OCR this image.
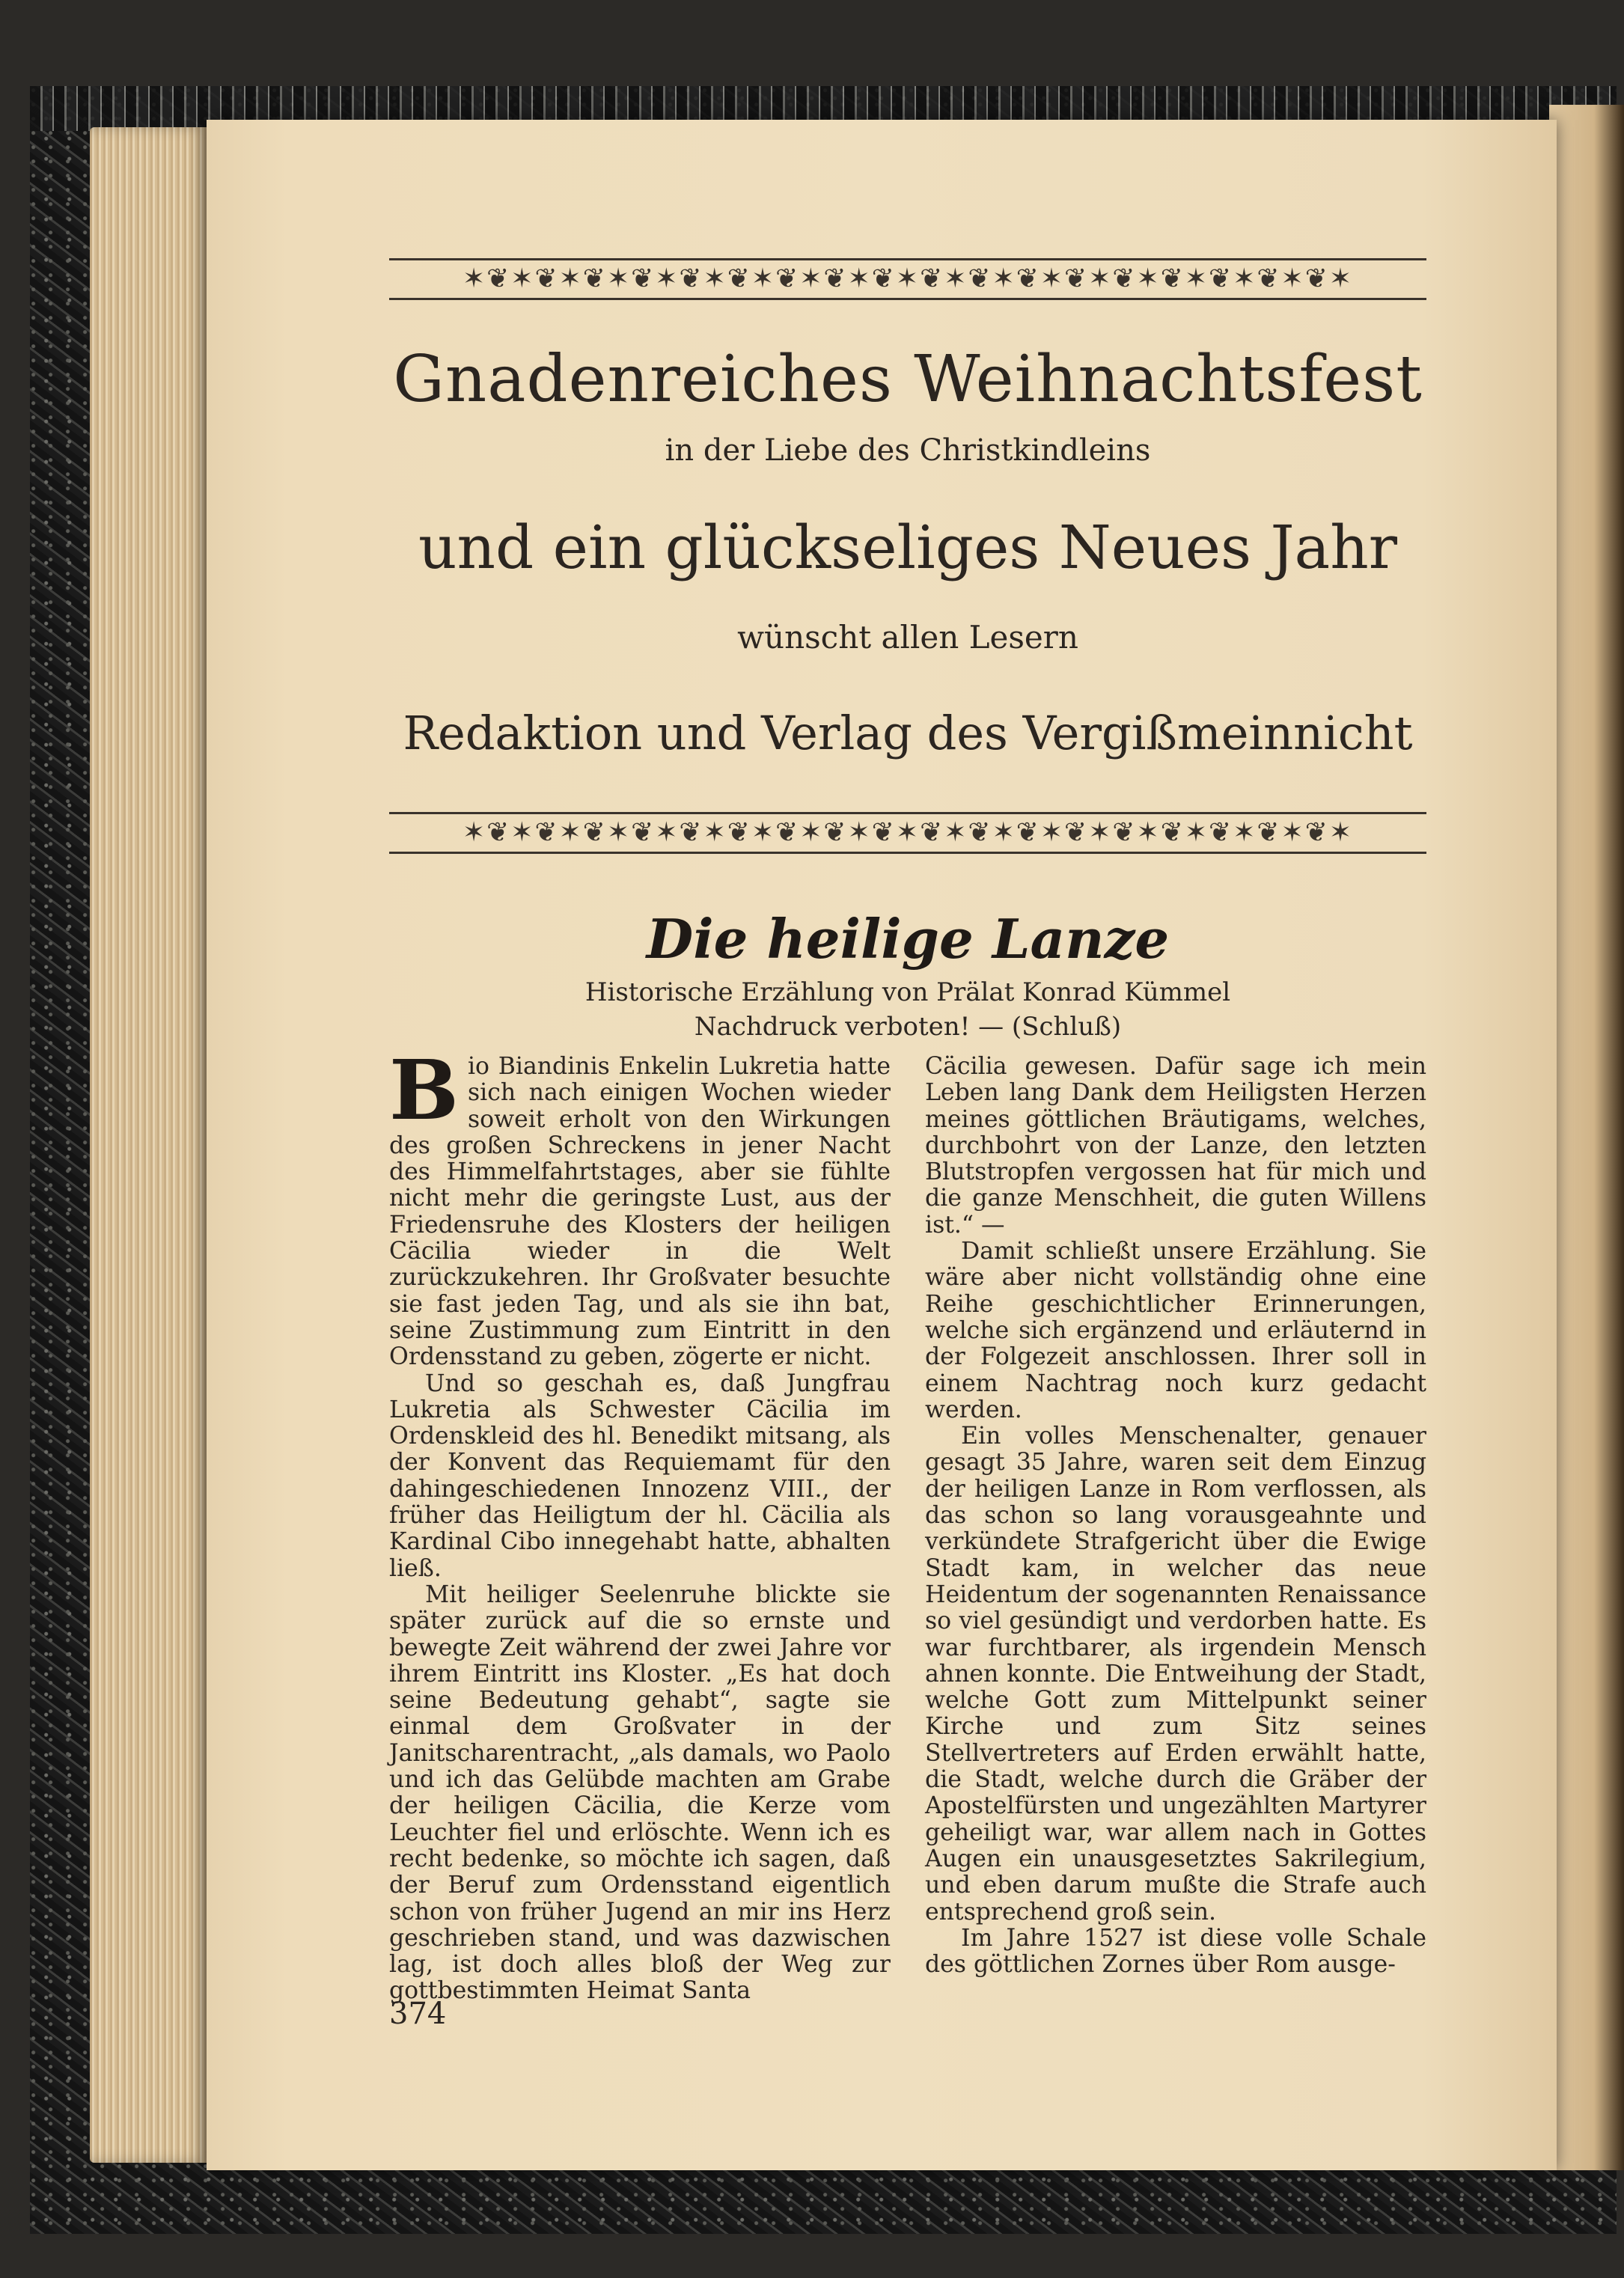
✶❦✶❦✶❦✶❦✶❦✶❦✶❦✶❦✶❦✶❦✶❦✶❦✶❦✶❦✶❦✶❦✶❦✶❦✶
Gnadenreiches Weihnachtsfest
in der Liebe des Christkindleins
und ein glückseliges Neues Jahr
wünscht allen Lesern
Redaktion und Verlag des Vergißmeinnicht
✶❦✶❦✶❦✶❦✶❦✶❦✶❦✶❦✶❦✶❦✶❦✶❦✶❦✶❦✶❦✶❦✶❦✶❦✶
Die heilige Lanze
Historische Erzählung von Prälat Konrad Kümmel
Nachdruck verboten! — (Schluß)

Bio Biandinis Enkelin Lukretia hatte sich nach einigen Wochen wieder soweit erholt von den Wirkungen des großen Schreckens in jener Nacht des Himmelfahrtstages, aber sie fühlte nicht mehr die geringste Lust, aus der Friedensruhe des Klosters der heiligen Cäcilia wieder in die Welt zurückzukehren. Ihr Großvater besuchte sie fast jeden Tag, und als sie ihn bat, seine Zustimmung zum Eintritt in den Ordensstand zu geben, zögerte er nicht.

Und so geschah es, daß Jungfrau Lukretia als Schwester Cäcilia im Ordenskleid des hl. Benedikt mitsang, als der Konvent das Requiemamt für den dahingeschiedenen Innozenz VIII., der früher das Heiligtum der hl. Cäcilia als Kardinal Cibo innegehabt hatte, abhalten ließ.

Mit heiliger Seelenruhe blickte sie später zurück auf die so ernste und bewegte Zeit während der zwei Jahre vor ihrem Eintritt ins Kloster. „Es hat doch seine Bedeutung gehabt“, sagte sie einmal dem Großvater in der Janitscharentracht, „als damals, wo Paolo und ich das Gelübde machten am Grabe der heiligen Cäcilia, die Kerze vom Leuchter fiel und erlöschte. Wenn ich es recht bedenke, so möchte ich sagen, daß der Beruf zum Ordensstand eigentlich schon von früher Jugend an mir ins Herz geschrieben stand, und was dazwischen lag, ist doch alles bloß der Weg zur gottbestimmten Heimat Santa

Cäcilia gewesen. Dafür sage ich mein Leben lang Dank dem Heiligsten Herzen meines göttlichen Bräutigams, welches, durchbohrt von der Lanze, den letzten Blutstropfen vergossen hat für mich und die ganze Menschheit, die guten Willens ist.“ —

Damit schließt unsere Erzählung. Sie wäre aber nicht vollständig ohne eine Reihe geschichtlicher Erinnerungen, welche sich ergänzend und erläuternd in der Folgezeit anschlossen. Ihrer soll in einem Nachtrag noch kurz gedacht werden.

Ein volles Menschenalter, genauer gesagt 35 Jahre, waren seit dem Einzug der heiligen Lanze in Rom verflossen, als das schon so lang vorausgeahnte und verkündete Strafgericht über die Ewige Stadt kam, in welcher das neue Heidentum der sogenannten Renaissance so viel gesündigt und verdorben hatte. Es war furchtbarer, als irgendein Mensch ahnen konnte. Die Entweihung der Stadt, welche Gott zum Mittelpunkt seiner Kirche und zum Sitz seines Stellvertreters auf Erden erwählt hatte, die Stadt, welche durch die Gräber der Apostelfürsten und ungezählten Martyrer geheiligt war, war allem nach in Gottes Augen ein unausgesetztes Sakrilegium, und eben darum mußte die Strafe auch entsprechend groß sein.

Im Jahre 1527 ist diese volle Schale des göttlichen Zornes über Rom ausge-

374
